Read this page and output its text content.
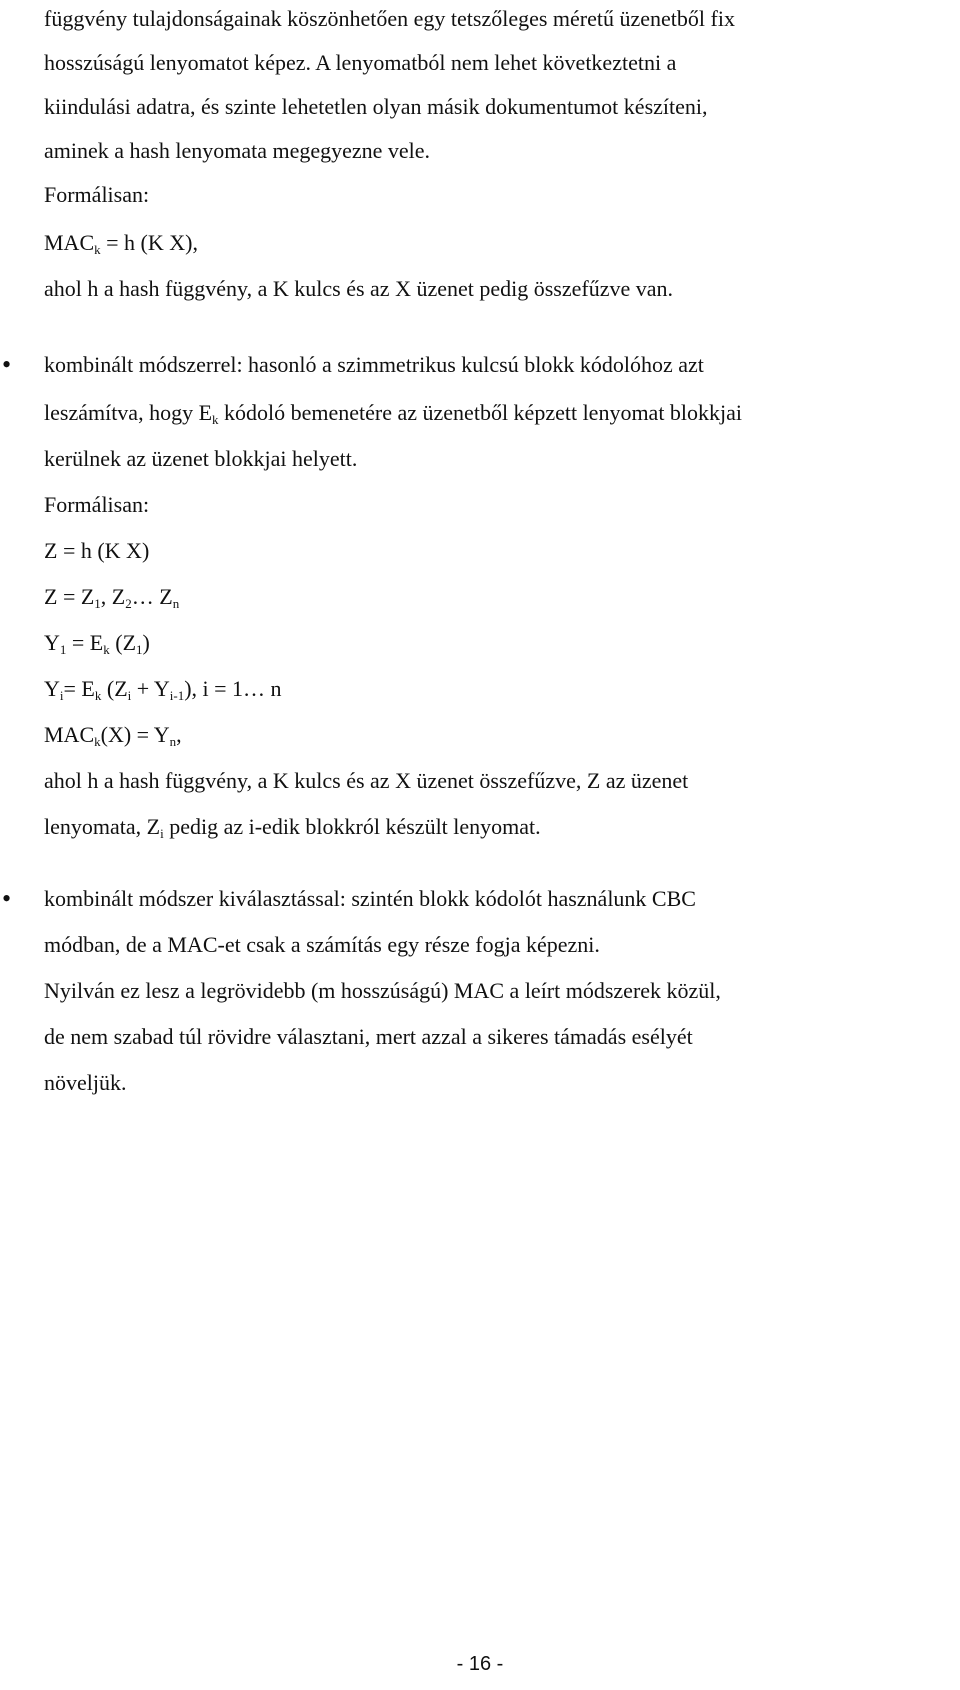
függvény tulajdonságainak köszönhetően egy tetszőleges méretű üzenetből fix
hosszúságú lenyomatot képez. A lenyomatból nem lehet következtetni a
kiindulási adatra, és szinte lehetetlen olyan másik dokumentumot készíteni,
aminek a hash lenyomata megegyezne vele.
Formálisan:
$MAC_k = h$ (K X),
ahol h a hash függvény, a K kulcs és az X üzenet pedig összefűzve van.
• kombinált módszerrel: hasonló a szimmetrikus kulcsú blokk kódolóhoz azt
leszámítva, hogy $E_k$ kódoló bemenetére az üzenetből képzett lenyomat blokkjai
kerülnek az üzenet blokkjai helyett.
Formálisan:
Z = h (K X)
$Z = Z_1$, $Z_2\dots$ $Z_n$
$Y_1 = E_k$ $(Z_1)$
$Y_i= E_k$ $(Z_i + Y_{i-1})$, i = 1… n
$MAC_k(X) = Y_n$,
ahol h a hash függvény, a K kulcs és az X üzenet összefűzve, Z az üzenet
lenyomata, $Z_i$ pedig az i-edik blokkról készült lenyomat.
• kombinált módszer kiválasztással: szintén blokk kódolót használunk CBC
módban, de a MAC-et csak a számítás egy része fogja képezni.
Nyilván ez lesz a legrövidebb (m hosszúságú) MAC a leírt módszerek közül,
de nem szabad túl rövidre választani, mert azzal a sikeres támadás esélyét
növeljük.
- 16 -
